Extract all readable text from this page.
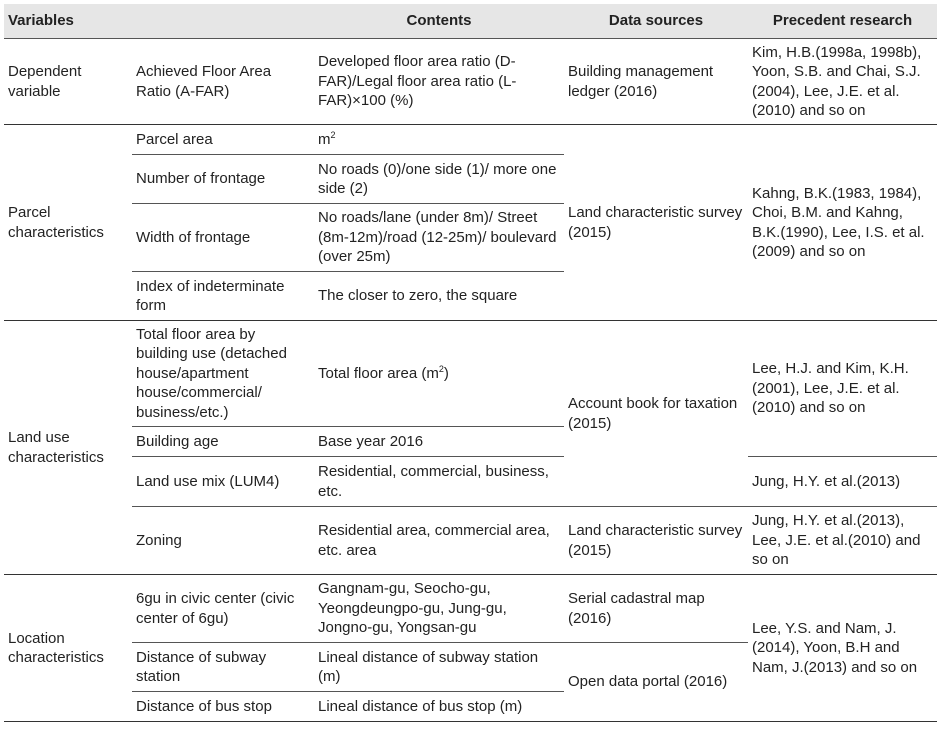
Variables		Contents	Data sources	Precedent research
Dependent variable	Achieved Floor Area Ratio (A-FAR)	Developed floor area ratio (D-FAR)/Legal floor area ratio (L-FAR)×100 (%)	Building management ledger (2016)	Kim, H.B.(1998a, 1998b), Yoon, S.B. and Chai, S.J.(2004), Lee, J.E. et al.(2010) and so on
Parcel characteristics	Parcel area	$m^2$	Land characteristic survey (2015)	Kahng, B.K.(1983, 1984), Choi, B.M. and Kahng, B.K.(1990), Lee, I.S. et al.(2009) and so on
	Number of frontage	No roads (0)/one side (1)/ more one side (2)		
	Width of frontage	No roads/lane (under 8m)/ Street (8m-12m)/road (12-25m)/ boulevard (over 25m)		
	Index of indeterminate form	The closer to zero, the square		
Land use characteristics	Total floor area by building use (detached house/apartment house/commercial/ business/etc.)	Total floor area $(m^2)$	Account book for taxation (2015)	Lee, H.J. and Kim, K.H.(2001), Lee, J.E. et al.(2010) and so on
	Building age	Base year 2016		
	Land use mix (LUM4)	Residential, commercial, business, etc.		Jung, H.Y. et al.(2013)
	Zoning	Residential area, commercial area, etc. area	Land characteristic survey (2015)	Jung, H.Y. et al.(2013), Lee, J.E. et al.(2010) and so on
Location characteristics	6gu in civic center (civic center of 6gu)	Gangnam-gu, Seocho-gu, Yeongdeungpo-gu, Jung-gu, Jongno-gu, Yongsan-gu	Serial cadastral map (2016)	Lee, Y.S. and Nam, J.(2014), Yoon, B.H and Nam, J.(2013) and so on
	Distance of subway station	Lineal distance of subway station (m)	Open data portal (2016)	
	Distance of bus stop	Lineal distance of bus stop (m)		
